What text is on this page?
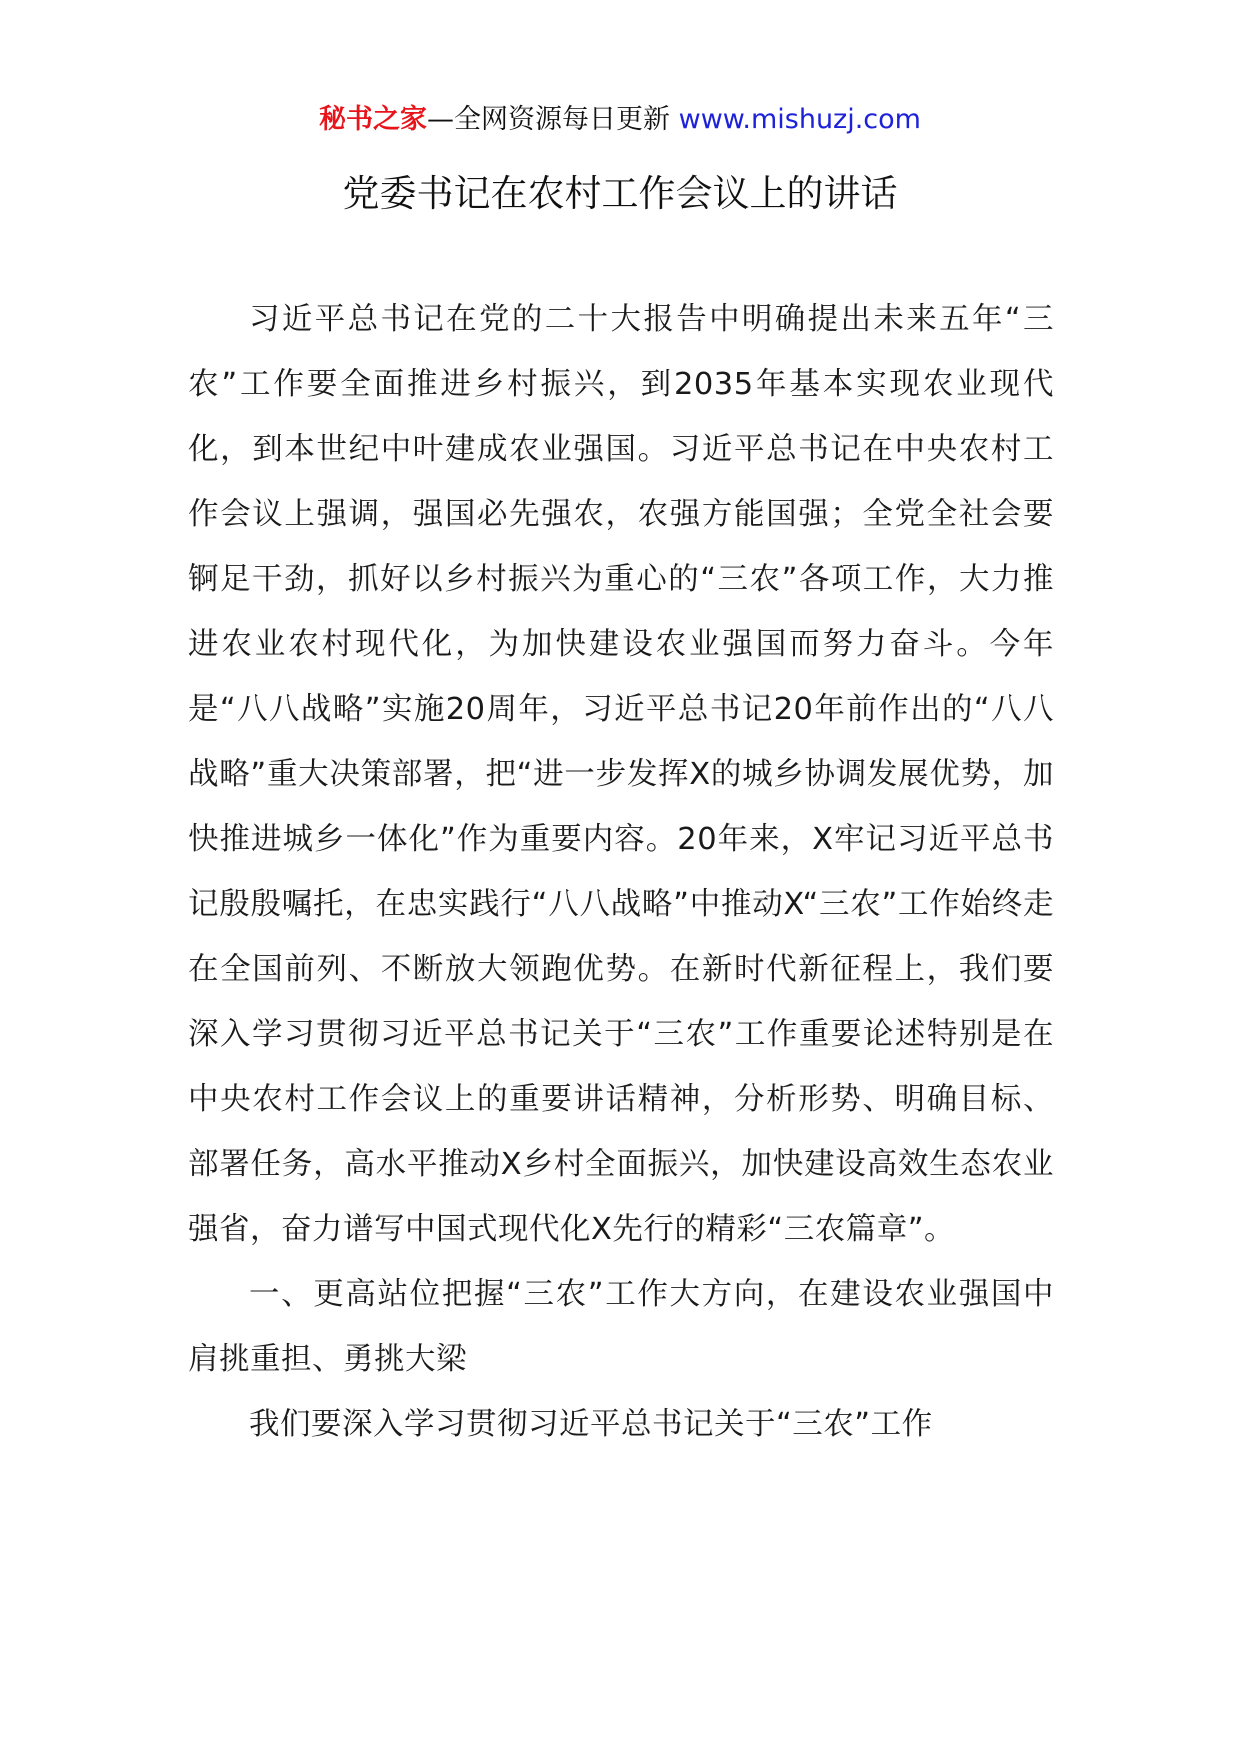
秘书之家—全网资源每日更新 www.mishuzj.com
党委书记在农村工作会议上的讲话

习近平总书记在党的二十大报告中明确提出未来五年“三农”工作要全面推进乡村振兴，到2035年基本实现农业现代化，到本世纪中叶建成农业强国。习近平总书记在中央农村工作会议上强调，强国必先强农，农强方能国强；全党全社会要锕足干劲，抓好以乡村振兴为重心的“三农”各项工作，大力推进农业农村现代化，为加快建设农业强国而努力奋斗。今年是“八八战略”实施20周年，习近平总书记20年前作出的“八八战略”重大决策部署，把“进一步发挥X的城乡协调发展优势，加快推进城乡一体化”作为重要内容。20年来，X牢记习近平总书记殷殷嘱托，在忠实践行“八八战略”中推动X“三农”工作始终走在全国前列、不断放大领跑优势。在新时代新征程上，我们要深入学习贯彻习近平总书记关于“三农”工作重要论述特别是在中央农村工作会议上的重要讲话精神，分析形势、明确目标、部署任务，高水平推动X乡村全面振兴，加快建设高效生态农业强省，奋力谱写中国式现代化X先行的精彩“三农篇章”。

一、更高站位把握“三农”工作大方向，在建设农业强国中肩挑重担、勇挑大梁

我们要深入学习贯彻习近平总书记关于“三农”工作
